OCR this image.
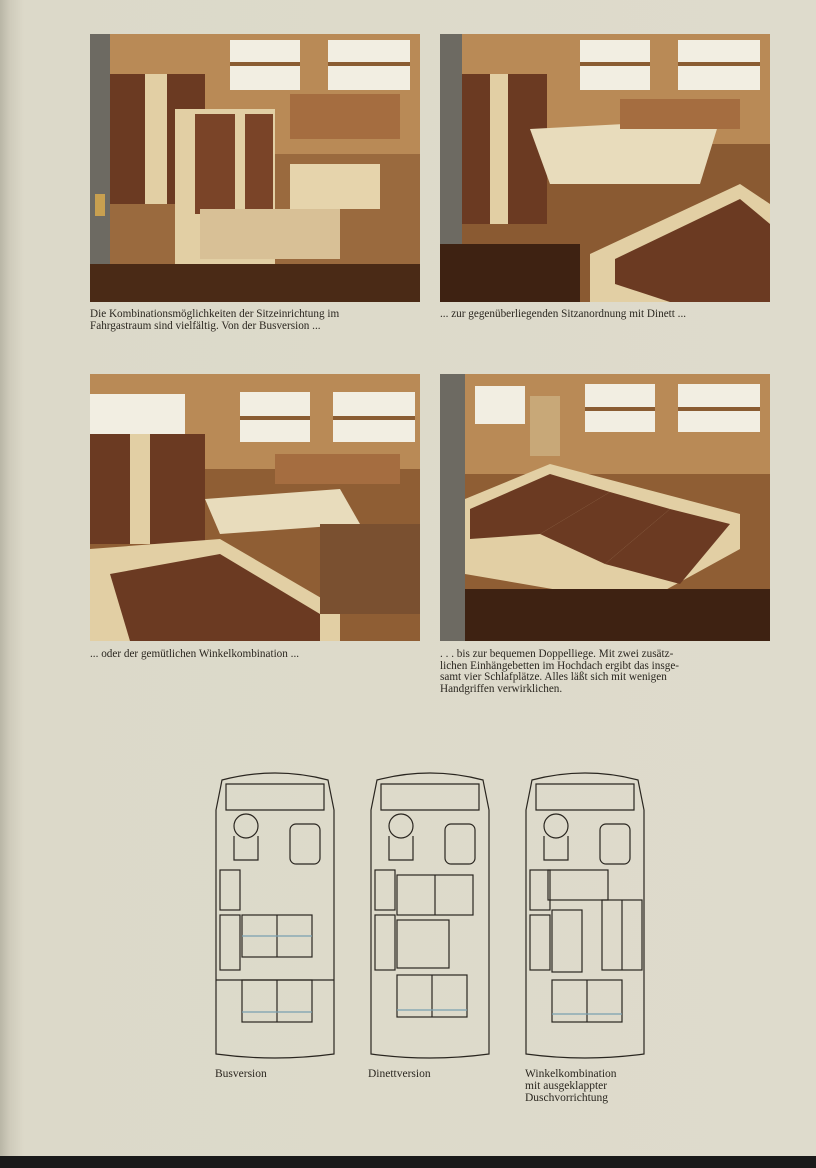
Die Kombinationsmöglichkeiten der Sitzeinrichtung im
Fahrgastraum sind vielfältig. Von der Busversion ...
... zur gegenüberliegenden Sitzanordnung mit Dinett ...
... oder der gemütlichen Winkelkombination ...	. . . bis zur bequemen Doppelliege. Mit zwei zusätz-
lichen Einhängebetten im Hochdach ergibt das insge-
samt vier Schlafplätze. Alles läßt sich mit wenigen
Handgriffen verwirklichen.
Busversion	Dinettversion	Winkelkombination
mit ausgeklappter
Duschvorrichtung
